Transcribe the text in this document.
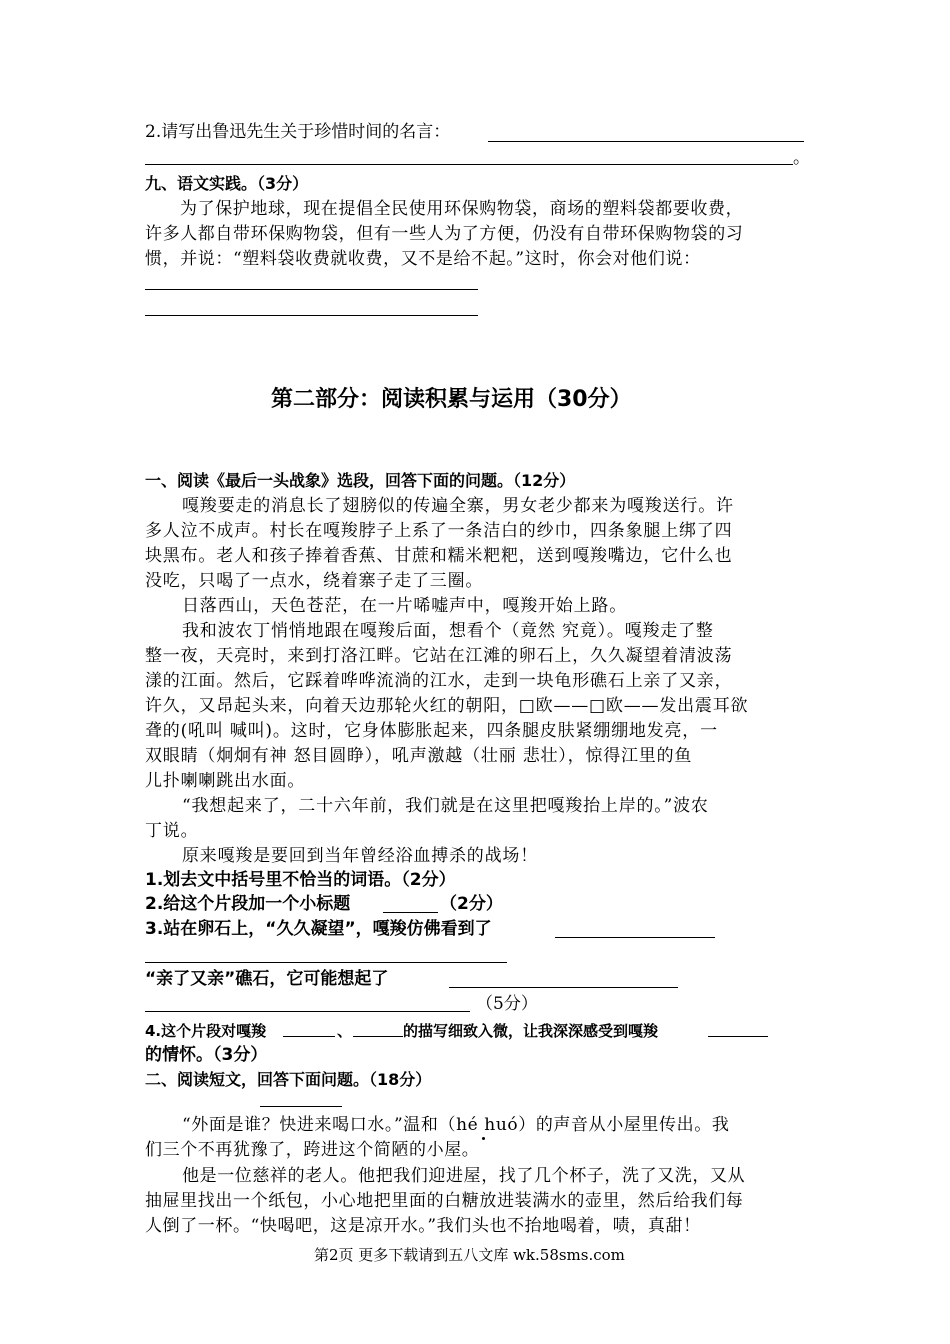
2.请写出鲁迅先生关于珍惜时间的名言：
。
九、语文实践。（3分）
为了保护地球，现在提倡全民使用环保购物袋，商场的塑料袋都要收费，
许多人都自带环保购物袋，但有一些人为了方便，仍没有自带环保购物袋的习
惯，并说：“塑料袋收费就收费，又不是给不起。”这时，你会对他们说：
第二部分：阅读积累与运用（30分）
一、阅读《最后一头战象》选段，回答下面的问题。（12分）
嘎羧要走的消息长了翅膀似的传遍全寨，男女老少都来为嘎羧送行。许
多人泣不成声。村长在嘎羧脖子上系了一条洁白的纱巾，四条象腿上绑了四
块黑布。老人和孩子捧着香蕉、甘蔗和糯米粑粑，送到嘎羧嘴边，它什么也
没吃，只喝了一点水，绕着寨子走了三圈。
日落西山，天色苍茫，在一片唏嘘声中，嘎羧开始上路。
我和波农丁悄悄地跟在嘎羧后面，想看个（竟然 究竟）。嘎羧走了整
整一夜，天亮时，来到打洛江畔。它站在江滩的卵石上，久久凝望着清波荡
漾的江面。然后，它踩着哗哗流淌的江水，走到一块龟形礁石上亲了又亲，
许久，又昂起头来，向着天边那轮火红的朝阳，□欧——□欧——发出震耳欲
聋的(吼叫 喊叫)。这时，它身体膨胀起来，四条腿皮肤紧绷绷地发亮，一
双眼睛（炯炯有神 怒目圆睁），吼声激越（壮丽 悲壮），惊得江里的鱼
儿扑喇喇跳出水面。
“我想起来了，二十六年前，我们就是在这里把嘎羧抬上岸的。”波农
丁说。
原来嘎羧是要回到当年曾经浴血搏杀的战场！
1.划去文中括号里不恰当的词语。（2分）
2.给这个片段加一个小标题	（2分）
3.站在卵石上，“久久凝望”，嘎羧仿佛看到了
“亲了又亲”礁石，它可能想起了
（5分）
4.这个片段对嘎羧	、	的描写细致入微，让我深深感受到嘎羧
的情怀。（3分）
二、阅读短文，回答下面问题。（18分）
“外面是谁？快进来喝口水。”温和（hé huó）的声音从小屋里传出。我
们三个不再犹豫了，跨进这个简陋的小屋。
他是一位慈祥的老人。他把我们迎进屋，找了几个杯子，洗了又洗，又从
抽屉里找出一个纸包，小心地把里面的白糖放进装满水的壶里，然后给我们每
人倒了一杯。“快喝吧，这是凉开水。”我们头也不抬地喝着，啧，真甜！
第2页 更多下载请到五八文库 wk.58sms.com
